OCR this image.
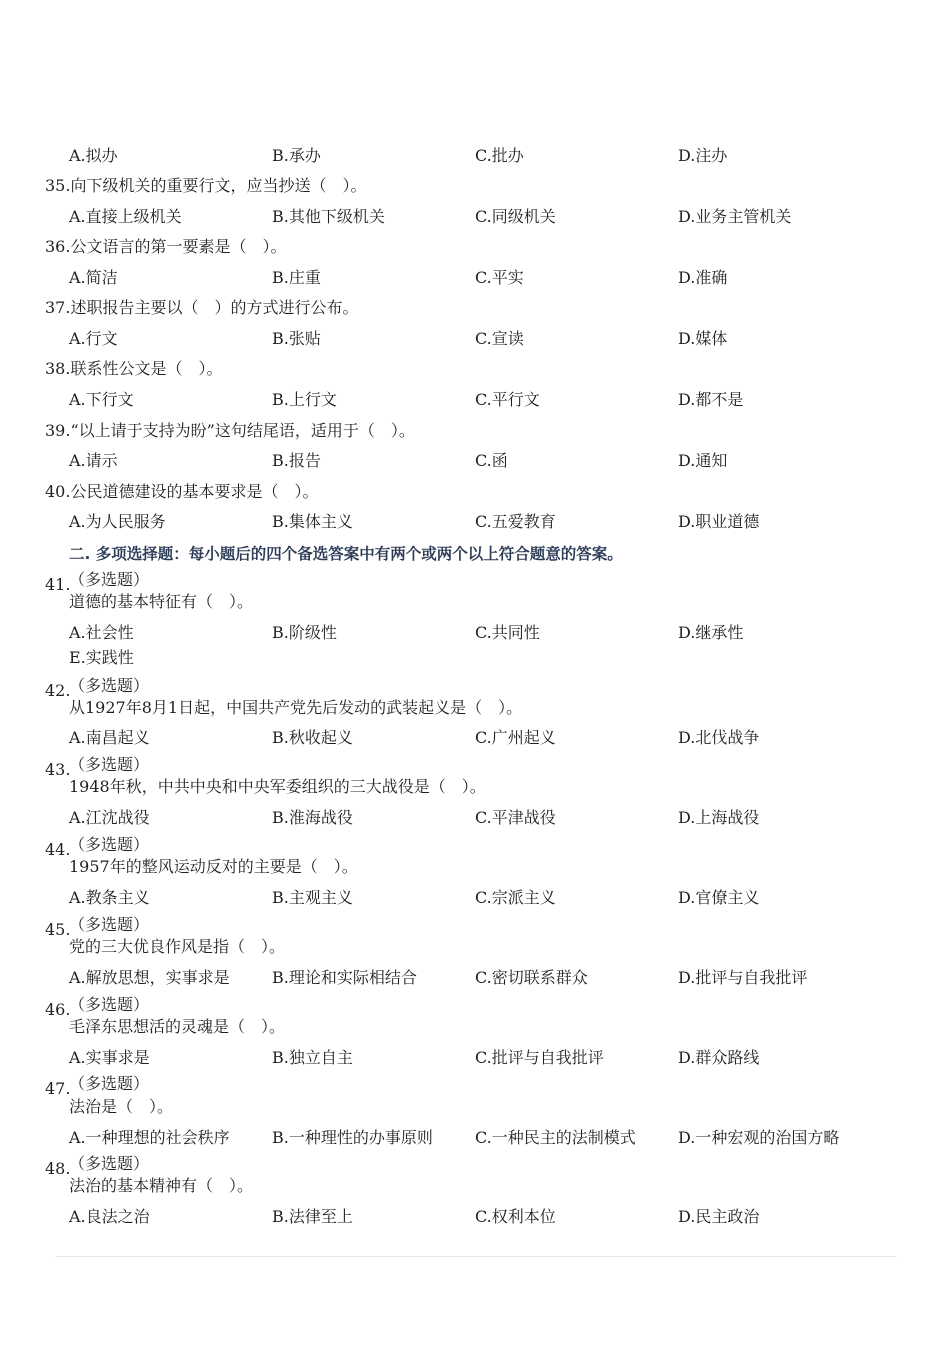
A.拟办	B.承办	C.批办	D.注办
35.向下级机关的重要行文，应当抄送（　）。
A.直接上级机关	B.其他下级机关	C.同级机关	D.业务主管机关
36.公文语言的第一要素是（　）。
A.简洁	B.庄重	C.平实	D.准确
37.述职报告主要以（　）的方式进行公布。
A.行文	B.张贴	C.宣读	D.媒体
38.联系性公文是（　）。
A.下行文	B.上行文	C.平行文	D.都不是
39.“以上请于支持为盼”这句结尾语，适用于（　）。
A.请示	B.报告	C.函	D.通知
40.公民道德建设的基本要求是（　）。
A.为人民服务	B.集体主义	C.五爱教育	D.职业道德
二. 多项选择题：每小题后的四个备选答案中有两个或两个以上符合题意的答案。
（多选题）
41.
道德的基本特征有（　）。
A.社会性	B.阶级性	C.共同性	D.继承性
E.实践性
（多选题）
42.
从1927年8月1日起，中国共产党先后发动的武装起义是（　）。
A.南昌起义	B.秋收起义	C.广州起义	D.北伐战争
（多选题）
43.
1948年秋，中共中央和中央军委组织的三大战役是（　）。
A.江沈战役	B.淮海战役	C.平津战役	D.上海战役
（多选题）
44.
1957年的整风运动反对的主要是（　）。
A.教条主义	B.主观主义	C.宗派主义	D.官僚主义
（多选题）
45.
党的三大优良作风是指（　）。
A.解放思想，实事求是	B.理论和实际相结合	C.密切联系群众	D.批评与自我批评
（多选题）
46.
毛泽东思想活的灵魂是（　）。
A.实事求是	B.独立自主	C.批评与自我批评	D.群众路线
（多选题）
47.
法治是（　）。
A.一种理想的社会秩序	B.一种理性的办事原则	C.一种民主的法制模式	D.一种宏观的治国方略
（多选题）
48.
法治的基本精神有（　）。
A.良法之治	B.法律至上	C.权利本位	D.民主政治
